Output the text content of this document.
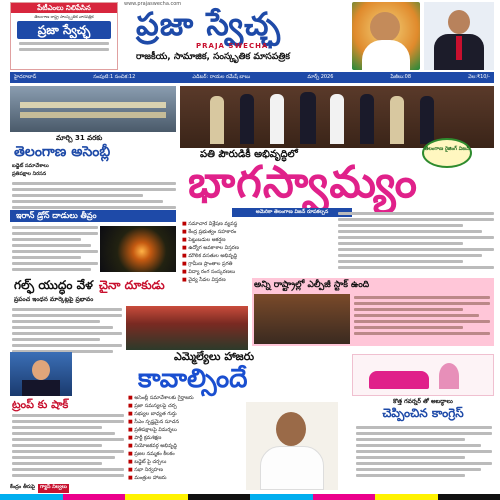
పేటీఎంలు నిలిపేసిన
తెలంగాణ రాష్ట్ర సాంస్కృతిక వారపత్రిక
ప్రజా స్వేచ్ఛ
www.prajaswecha.com
ప్రజా స్వేచ్ఛ
PRAJA SWECHA
రాజకీయ, సామాజిక, సంస్కృతిక మాసపత్రిక
హైదరాబాద్	సంపుటి:1 సంచిక:12	ఎడిటర్: రాయల రమేష్ బాబు	మార్చ్ 2026	పేజీలు:08	వెల:₹10/-
మార్చి 31 వరకు
తెలంగాణ అసెంబ్లీ
బడ్జెట్ సమావేశాలు
ప్రతిపక్షాల నిరసన
ఇరాన్ డ్రోన్ దాడులు తీవ్రం
గల్ఫ్ యుద్ధం వేళ చైనా దూకుడు
ప్రపంచ ఇంధన మార్కెట్లపై ప్రభావం
ట్రంప్ కు షాక్
కేంద్రం తీరుపై	గ్యాస్ నిల్వలు
పతి పౌరుడికీ అభివృద్ధిలో	తెలంగాణ రైజింగ్ విజన్
భాగస్వామ్యం
అమెరికా తెలంగాణ విజన్ రూపకల్పన
■ సమాచార విశ్లేషణ వ్యవస్థ
■ కేంద్ర ప్రభుత్వం సహకారం
■ పెట్టుబడుల ఆకర్షణ
■ ఉద్యోగ అవకాశాల విస్తరణ
■ మౌలిక వసతుల అభివృద్ధి
■ గ్రామీణ ప్రాంతాల ప్రగతి
■ విద్యా రంగ సంస్కరణలు
■ వైద్య సేవల విస్తరణ	అన్ని రాష్ట్రాల్లో ఎల్పీజీ స్టాక్ ఉంది
ఎమ్మెల్యేలు హాజరు
కావాల్సిందే
■ అసెంబ్లీ సమావేశాలకు గైర్హాజరు
■ ప్రజా సమస్యలపై చర్చ
■ సభ్యుల బాధ్యత గుర్తు
■ సీఎం స్పష్టమైన సూచన
■ ప్రతిపక్షాలపై విమర్శలు
■ పార్టీ క్రమశిక్షణ
■ నియోజకవర్గ అభివృద్ధి
■ ప్రజల నమ్మకం కీలకం
■ బడ్జెట్ పై చర్చలు
■ సభా నిర్వహణ
■ మంత్రుల హాజరు
కొత్త గవర్నర్ తో అబద్ధాలు
చెప్పించిన కాంగ్రెస్
